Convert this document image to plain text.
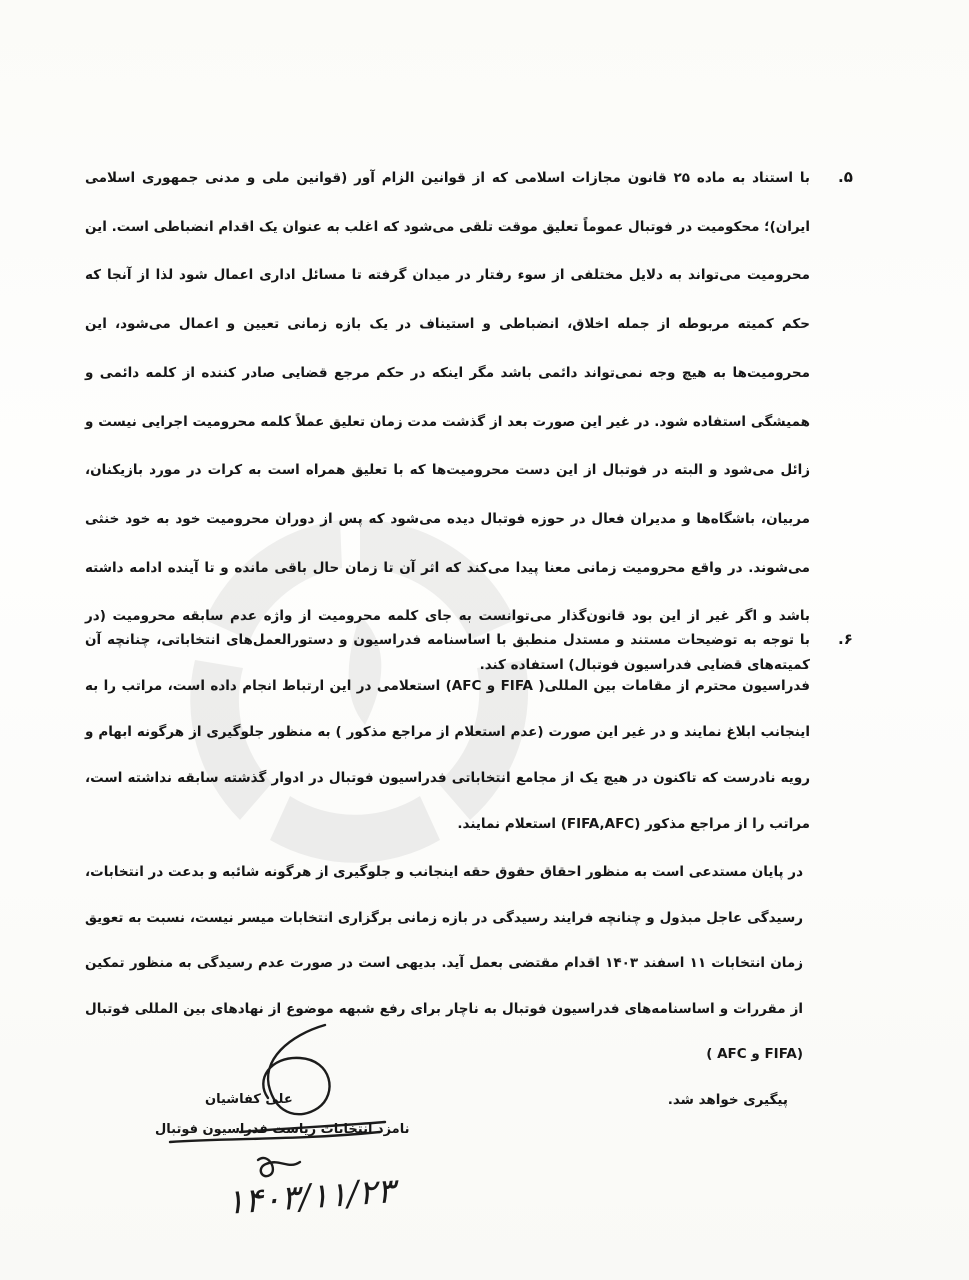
۵.
با استناد به ماده ۲۵ قانون مجازات اسلامی که از قوانین الزام آور (قوانین ملی و مدنی جمهوری اسلامی ایران)؛ محکومیت در فوتبال عموماً تعلیق موقت تلقی می‌شود که اغلب به عنوان یک اقدام انضباطی است. این محرومیت می‌تواند به دلایل مختلفی از سوء رفتار در میدان گرفته تا مسائل اداری اعمال شود لذا از آنجا که حکم کمیته مربوطه از جمله اخلاق، انضباطی و استیناف در یک بازه زمانی تعیین و اعمال می‌شود، این محرومیت‌ها به هیچ وجه نمی‌تواند دائمی باشد مگر اینکه در حکم مرجع قضایی صادر کننده از کلمه دائمی و همیشگی استفاده شود. در غیر این صورت بعد از گذشت مدت زمان تعلیق عملاً کلمه محرومیت اجرایی نیست و زائل می‌شود و البته در فوتبال از این دست محرومیت‌ها که با تعلیق همراه است به کرات در مورد بازیکنان، مربیان، باشگاه‌ها و مدیران فعال در حوزه فوتبال دیده می‌شود که پس از دوران محرومیت خود به خود خنثی می‌شوند. در واقع محرومیت زمانی معنا پیدا می‌کند که اثر آن تا زمان حال باقی مانده و تا آینده ادامه داشته باشد و اگر غیر از این بود قانون‌گذار می‌توانست به جای کلمه محرومیت از واژه عدم سابقه محرومیت (در کمیته‌های قضایی فدراسیون فوتبال) استفاده کند.
۶.
با توجه به توضیحات مستند و مستدل منطبق با اساسنامه فدراسیون و دستورالعمل‌های انتخاباتی، چنانچه آن فدراسیون محترم از مقامات بین المللی( FIFA و AFC) استعلامی در این ارتباط انجام داده است، مراتب را به اینجانب ابلاغ نمایند و در غیر این صورت (عدم استعلام از مراجع مذکور ) به منظور جلوگیری از هرگونه ابهام و رویه نادرست که تاکنون در هیچ یک از مجامع انتخاباتی فدراسیون فوتبال در ادوار گذشته سابقه نداشته است، مراتب را از مراجع مذکور (FIFA,AFC) استعلام نمایند.
در پایان مستدعی است به منظور احقاق حقوق حقه اینجانب و جلوگیری از هرگونه شائبه و بدعت در انتخابات، رسیدگی عاجل مبذول و چنانچه فرایند رسیدگی در بازه زمانی برگزاری انتخابات میسر نیست، نسبت به تعویق زمان انتخابات ۱۱ اسفند ۱۴۰۳ اقدام مقتضی بعمل آید. بدیهی است در صورت عدم رسیدگی به منظور تمکین از مقررات و اساسنامه‌های فدراسیون فوتبال به ناچار برای رفع شبهه موضوع از نهادهای بین المللی فوتبال (FIFA و AFC )
پیگیری خواهد شد.
علی کفاشیان
نامزد انتخابات ریاست فدراسیون فوتبال
۱۴۰۳/۱۱/۲۳
